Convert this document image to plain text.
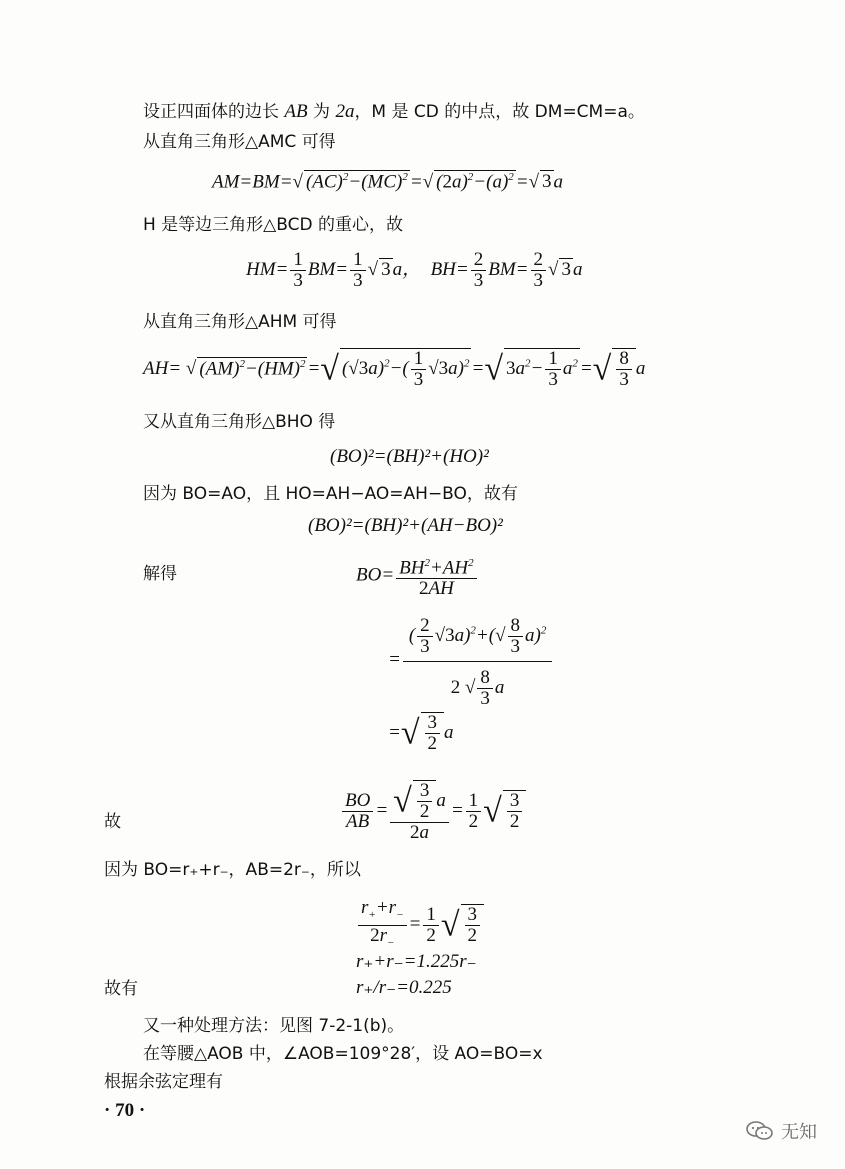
设正四面体的边长 AB 为 2a，M 是 CD 的中点，故 DM=CM=a。
从直角三角形△AMC 可得
AM=BM=√ (AC)$^2$−(MC)$^2$ =√ $(2a)^2-(a)^2$ =√ 3 a
H 是等边三角形△BCD 的重心，故
$HM= \frac{1}{3} BM= \frac{1}{3}$ √ 3 a，  $BH= \frac{2}{3} BM= \frac{2}{3}$ √ 3 a
从直角三角形△AHM 可得
AH= √ (AM)$^2$−(HM)$^2$ =√ $(√3a)^2-( \frac{1}{3} √3a)^2$ =√ $3a^2- \frac{1}{3} a^2$ =√ $\frac{8}{3}$ a
又从直角三角形△BHO 得
(BO)²=(BH)²+(HO)²
因为 BO=AO，且 HO=AH−AO=AH−BO，故有
(BO)²=(BH)²+(AH−BO)²
解得	$BO= \frac{BH^2+AH^2}{2AH}$
= $\frac{( \frac{2}{3} √3a)^2+(√ \frac{8}{3} a)^2}{2 √ \frac{8}{3} a}$
=√ $\frac{3}{2}$ a
故	$\frac{BO}{AB} = \frac{√ \frac{3}{2} a}{2a} = \frac{1}{2}$ √ $\frac{3}{2}$
因为 BO=r₊+r₋，AB=2r₋，所以
$\frac{r_++r_-}{2r_-} = \frac{1}{2}$ √ $\frac{3}{2}$
r₊+r₋=1.225r₋
故有	r₊/r₋=0.225
又一种处理方法：见图 7-2-1(b)。
在等腰△AOB 中，∠AOB=109°28′，设 AO=BO=x
根据余弦定理有
· 70 ·
无知
